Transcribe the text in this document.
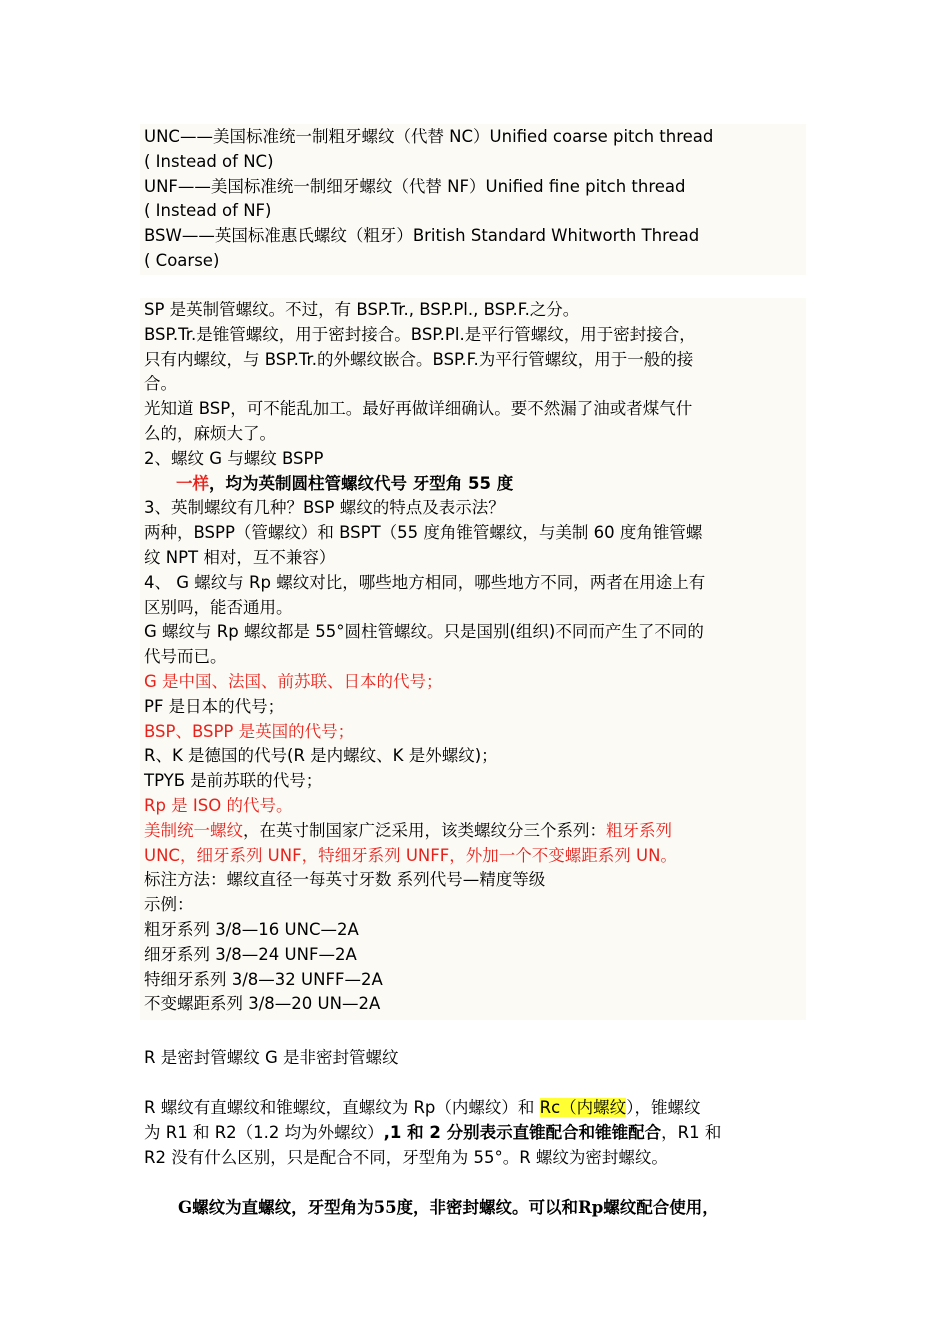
UNC——美国标准统一制粗牙螺纹（代替 NC）Unified coarse pitch thread
( Instead of NC)
UNF——美国标准统一制细牙螺纹（代替 NF）Unified fine pitch thread
( Instead of NF)
BSW——英国标准惠氏螺纹（粗牙）British Standard Whitworth Thread
( Coarse)
SP 是英制管螺纹。不过，有 BSP.Tr., BSP.Pl., BSP.F.之分。
BSP.Tr.是锥管螺纹，用于密封接合。BSP.Pl.是平行管螺纹，用于密封接合，
只有内螺纹，与 BSP.Tr.的外螺纹嵌合。BSP.F.为平行管螺纹，用于一般的接
合。
光知道 BSP，可不能乱加工。最好再做详细确认。要不然漏了油或者煤气什
么的，麻烦大了。
2、螺纹 G 与螺纹 BSPP
一样，均为英制圆柱管螺纹代号 牙型角 55 度
3、英制螺纹有几种？BSP 螺纹的特点及表示法？
两种，BSPP（管螺纹）和 BSPT（55 度角锥管螺纹，与美制 60 度角锥管螺
纹 NPT 相对，互不兼容）
4、 G 螺纹与 Rp 螺纹对比，哪些地方相同，哪些地方不同，两者在用途上有
区别吗，能否通用。
G 螺纹与 Rp 螺纹都是 55°圆柱管螺纹。只是国别(组织)不同而产生了不同的
代号而已。
G 是中国、法国、前苏联、日本的代号；
PF 是日本的代号；
BSP、BSPP 是英国的代号；
R、K 是德国的代号(R 是内螺纹、K 是外螺纹)；
TPYБ 是前苏联的代号；
Rp 是 ISO 的代号。
美制统一螺纹，在英寸制国家广泛采用，该类螺纹分三个系列：粗牙系列
UNC，细牙系列 UNF，特细牙系列 UNFF，外加一个不变螺距系列 UN。
标注方法：螺纹直径一每英寸牙数 系列代号—精度等级
示例：
粗牙系列 3/8—16 UNC—2A
细牙系列 3/8—24 UNF—2A
特细牙系列 3/8—32 UNFF—2A
不变螺距系列 3/8—20 UN—2A
R 是密封管螺纹 G 是非密封管螺纹
R 螺纹有直螺纹和锥螺纹，直螺纹为 Rp（内螺纹）和 Rc（内螺纹），锥螺纹
为 R1 和 R2（1.2 均为外螺纹）,1 和 2 分别表示直锥配合和锥锥配合，R1 和
R2 没有什么区别，只是配合不同，牙型角为 55°。R 螺纹为密封螺纹。
G螺纹为直螺纹，牙型角为55度，非密封螺纹。可以和Rp螺纹配合使用，
